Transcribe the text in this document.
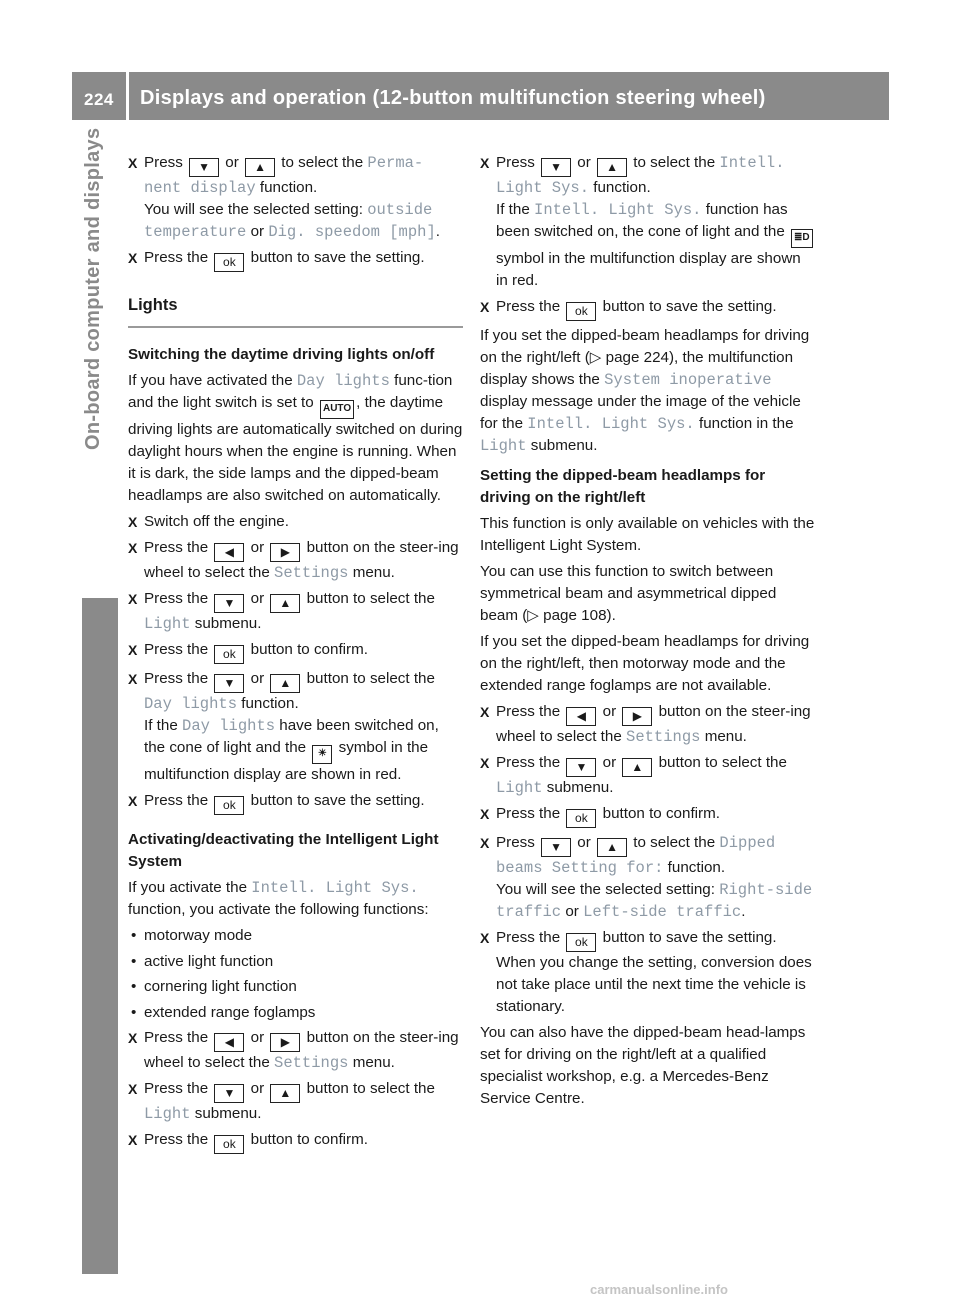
224 Displays and operation (12-button multifunction steering wheel)
On-board computer and displays	X Press ▼ or ▲ to select the Perma‐ nent display function.
You will see the selected setting: outside temperature or Dig. speedom [mph].
X Press the ok button to save the setting.
Lights
Switching the daytime driving lights on/off
If you have activated the Day lights func-tion and the light switch is set to AUTO , the daytime driving lights are automatically switched on during daylight hours when the engine is running. When it is dark, the side lamps and the dipped-beam headlamps are also switched on automatically.
X Switch off the engine.
X Press the ◀ or ▶ button on the steer-ing wheel to select the Settings menu.
X Press the ▼ or ▲ button to select the Light submenu.
X Press the ok button to confirm.
X Press the ▼ or ▲ button to select the Day lights function.
If the Day lights have been switched on, the cone of light and the ☀ symbol in the multifunction display are shown in red.
X Press the ok button to save the setting.
Activating/deactivating the Intelligent Light System
If you activate the Intell. Light Sys. function, you activate the following functions:
• motorway mode
• active light function
• cornering light function
• extended range foglamps
X Press the ◀ or ▶ button on the steer-ing wheel to select the Settings menu.
X Press the ▼ or ▲ button to select the Light submenu.
X Press the ok button to confirm.
X Press ▼ or ▲ to select the Intell. Light Sys. function.
If the Intell. Light Sys. function has been switched on, the cone of light and the ≣D symbol in the multifunction display are shown in red.
X Press the ok button to save the setting.
If you set the dipped-beam headlamps for driving on the right/left (▷ page 224), the multifunction display shows the System inoperative display message under the image of the vehicle for the Intell. Light Sys. function in the Light submenu.
Setting the dipped-beam headlamps for driving on the right/left
This function is only available on vehicles with the Intelligent Light System.
You can use this function to switch between symmetrical beam and asymmetrical dipped beam (▷ page 108).
If you set the dipped-beam headlamps for driving on the right/left, then motorway mode and the extended range foglamps are not available.
X Press the ◀ or ▶ button on the steer-ing wheel to select the Settings menu.
X Press the ▼ or ▲ button to select the Light submenu.
X Press the ok button to confirm.
X Press ▼ or ▲ to select the Dipped beams Setting for: function.
You will see the selected setting: Right-side traffic or Left-side traffic.
X Press the ok button to save the setting.
When you change the setting, conversion does not take place until the next time the vehicle is stationary.
You can also have the dipped-beam head-lamps set for driving on the right/left at a qualified specialist workshop, e.g. a Mercedes-Benz Service Centre.
carmanualsonline.info
